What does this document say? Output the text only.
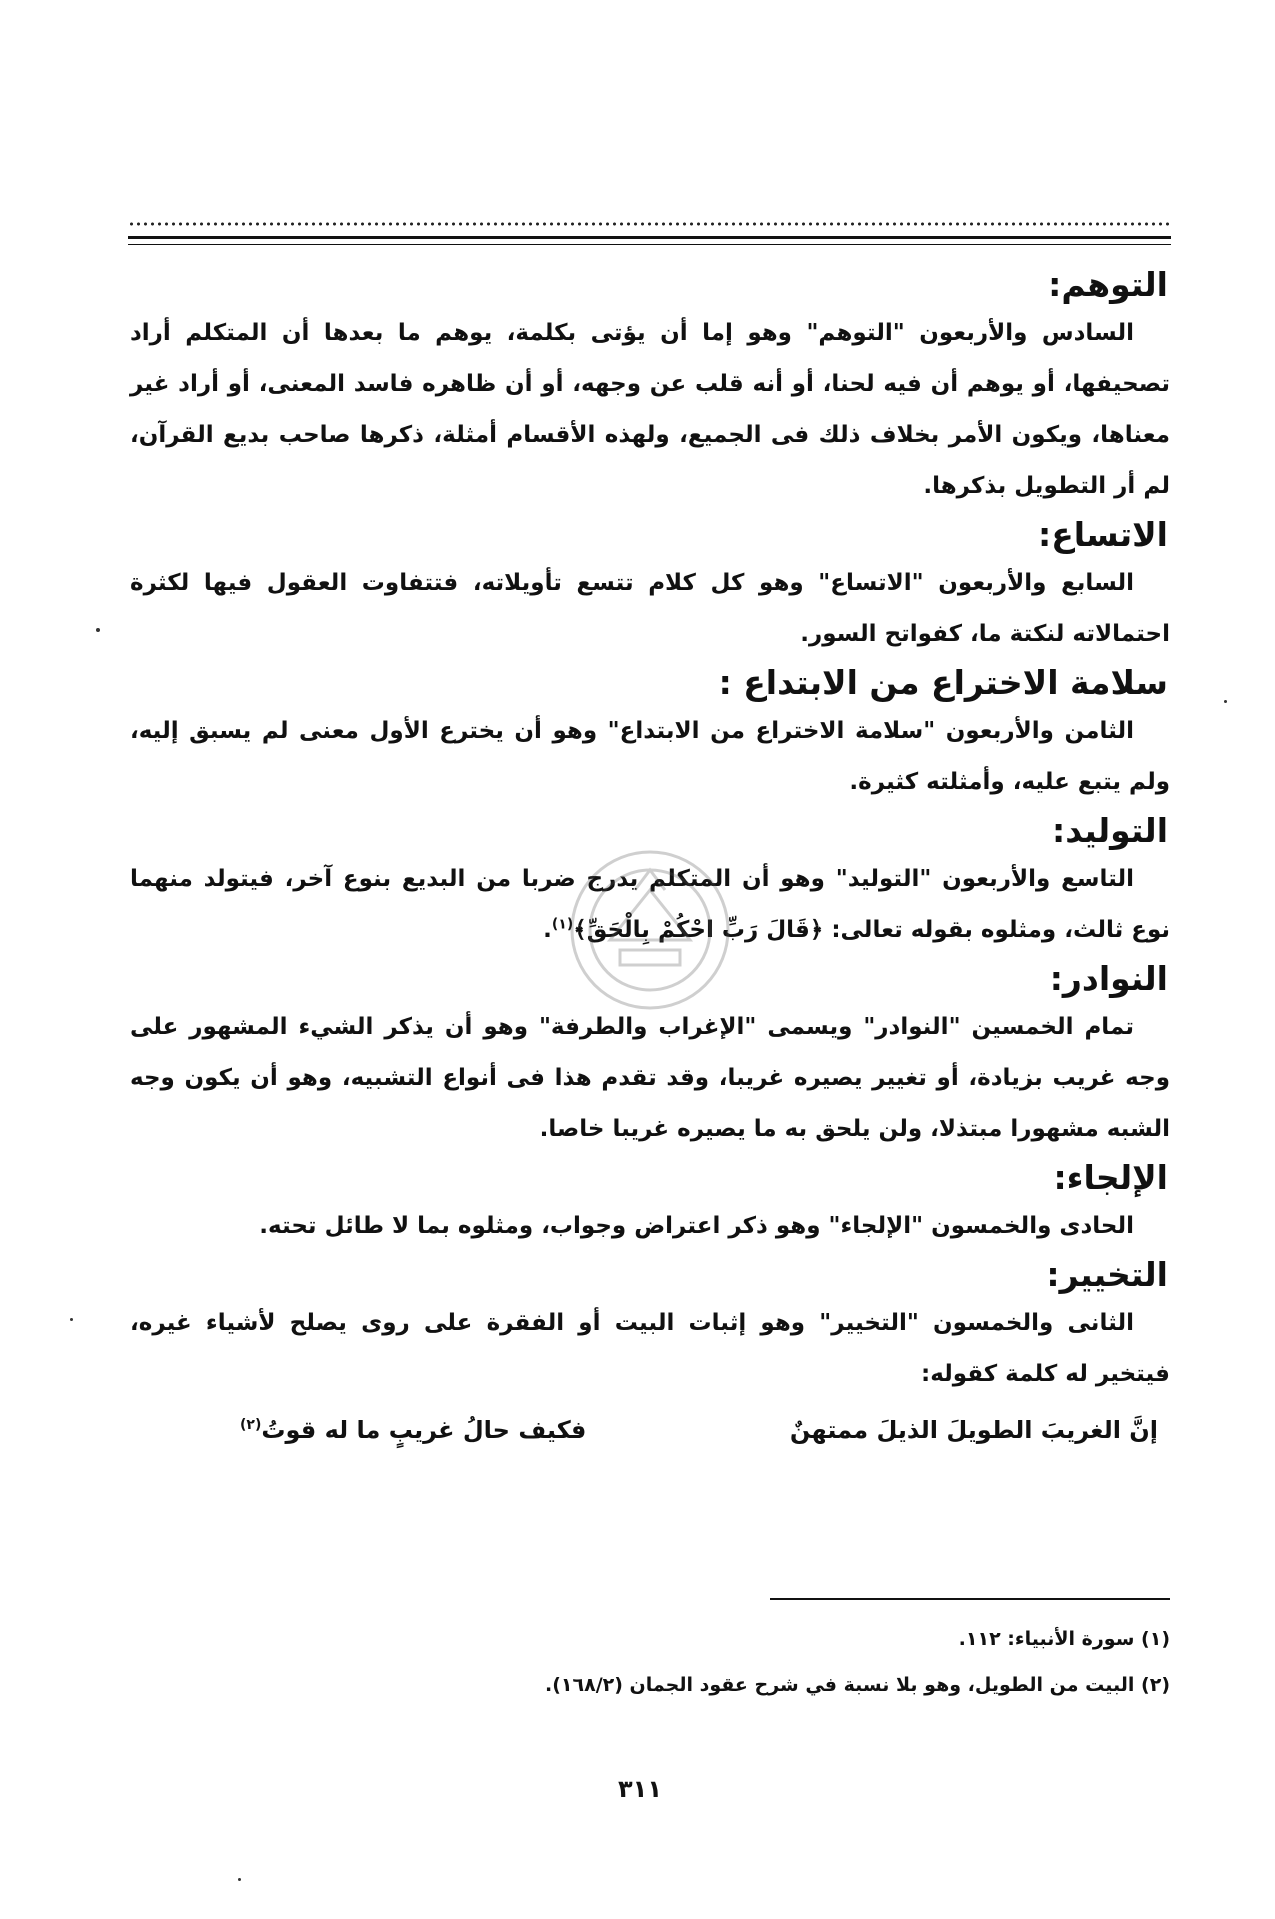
التوهم:

السادس والأربعون "التوهم" وهو إما أن يؤتى بكلمة، يوهم ما بعدها أن المتكلم أراد تصحيفها، أو يوهم أن فيه لحنا، أو أنه قلب عن وجهه، أو أن ظاهره فاسد المعنى، أو أراد غير معناها، ويكون الأمر بخلاف ذلك فى الجميع، ولهذه الأقسام أمثلة، ذكرها صاحب بديع القرآن، لم أر التطويل بذكرها.

الاتساع:

السابع والأربعون "الاتساع" وهو كل كلام تتسع تأويلاته، فتتفاوت العقول فيها لكثرة احتمالاته لنكتة ما، كفواتح السور.

سلامة الاختراع من الابتداع :

الثامن والأربعون "سلامة الاختراع من الابتداع" وهو أن يخترع الأول معنى لم يسبق إليه، ولم يتبع عليه، وأمثلته كثيرة.

التوليد:

التاسع والأربعون "التوليد" وهو أن المتكلم يدرج ضربا من البديع بنوع آخر، فيتولد منهما نوع ثالث، ومثلوه بقوله تعالى: ﴿قَالَ رَبِّ احْكُمْ بِالْحَقِّ﴾$^{(١)}$.

النوادر:

تمام الخمسين "النوادر" ويسمى "الإغراب والطرفة" وهو أن يذكر الشيء المشهور على وجه غريب بزيادة، أو تغيير يصيره غريبا، وقد تقدم هذا فى أنواع التشبيه، وهو أن يكون وجه الشبه مشهورا مبتذلا، ولن يلحق به ما يصيره غريبا خاصا.

الإلجاء:

الحادى والخمسون "الإلجاء" وهو ذكر اعتراض وجواب، ومثلوه بما لا طائل تحته.

التخيير:

الثانى والخمسون "التخيير" وهو إثبات البيت أو الفقرة على روى يصلح لأشياء غيره، فيتخير له كلمة كقوله:

إنَّ الغريبَ الطويلَ الذيلَ ممتهنٌ
فكيف حالُ غريبٍ ما له قوتُ$^{(٢)}$

(١) سورة الأنبياء: ١١٢.

(٢) البيت من الطويل، وهو بلا نسبة في شرح عقود الجمان (١٦٨/٢).

٣١١
